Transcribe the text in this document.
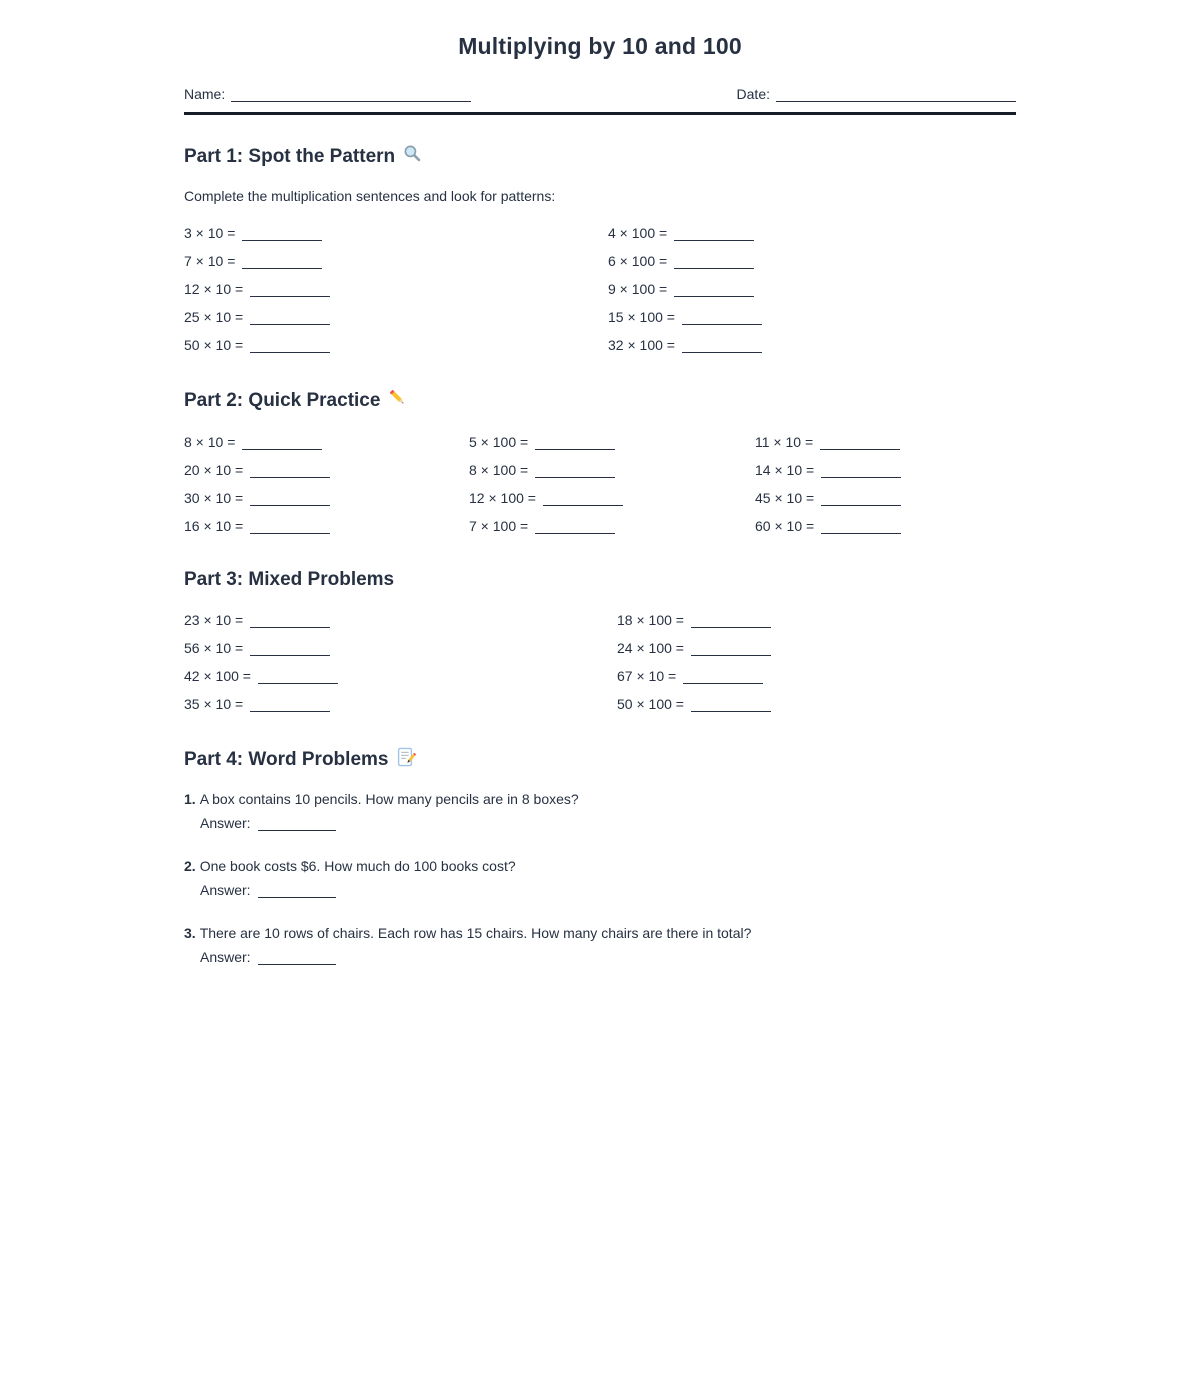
Multiplying by 10 and 100
Name:	Date:
Part 1: Spot the Pattern

Complete the multiplication sentences and look for patterns:

3 × 10 =
7 × 10 =
12 × 10 =
25 × 10 =
50 × 10 =
4 × 100 =
6 × 100 =
9 × 100 =
15 × 100 =
32 × 100 =
Part 2: Quick Practice
8 × 10 =
20 × 10 =
30 × 10 =
16 × 10 =
5 × 100 =
8 × 100 =
12 × 100 =
7 × 100 =
11 × 10 =
14 × 10 =
45 × 10 =
60 × 10 =
Part 3: Mixed Problems
23 × 10 =
56 × 10 =
42 × 100 =
35 × 10 =
18 × 100 =
24 × 100 =
67 × 10 =
50 × 100 =
Part 4: Word Problems
1. A box contains 10 pencils. How many pencils are in 8 boxes?
Answer:
2. One book costs $6. How much do 100 books cost?
Answer:
3. There are 10 rows of chairs. Each row has 15 chairs. How many chairs are there in total?
Answer:
